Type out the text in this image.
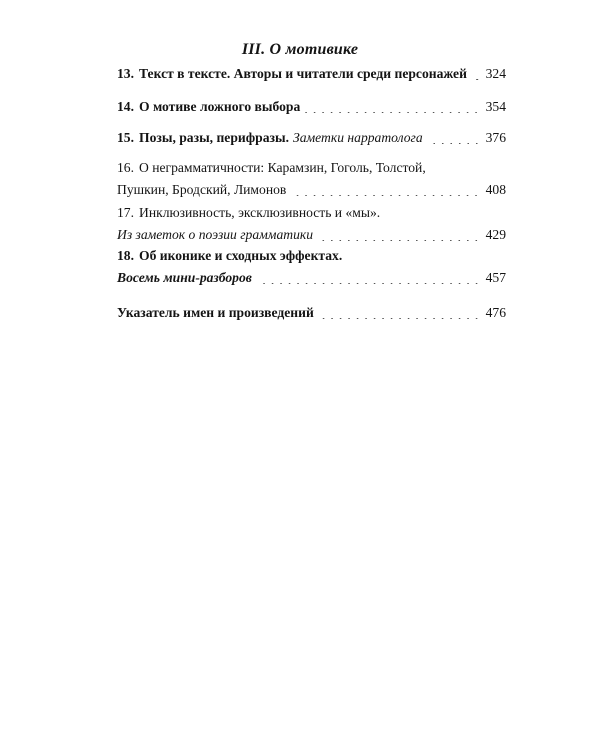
III. О мотивике
13. Текст в тексте. Авторы и читатели среди персонажей 324
14. О мотиве ложного выбора	354
15. Позы, разы, перифразы. Заметки нарратолога	376
16. О неграмматичности: Карамзин, Гоголь, Толстой,
Пушкин, Бродский, Лимонов	408
17. Инклюзивность, эксклюзивность и «мы».
Из заметок о поэзии грамматики	429
18. Об иконике и сходных эффектах.
Восемь мини-разборов	457
Указатель имен и произведений	476
